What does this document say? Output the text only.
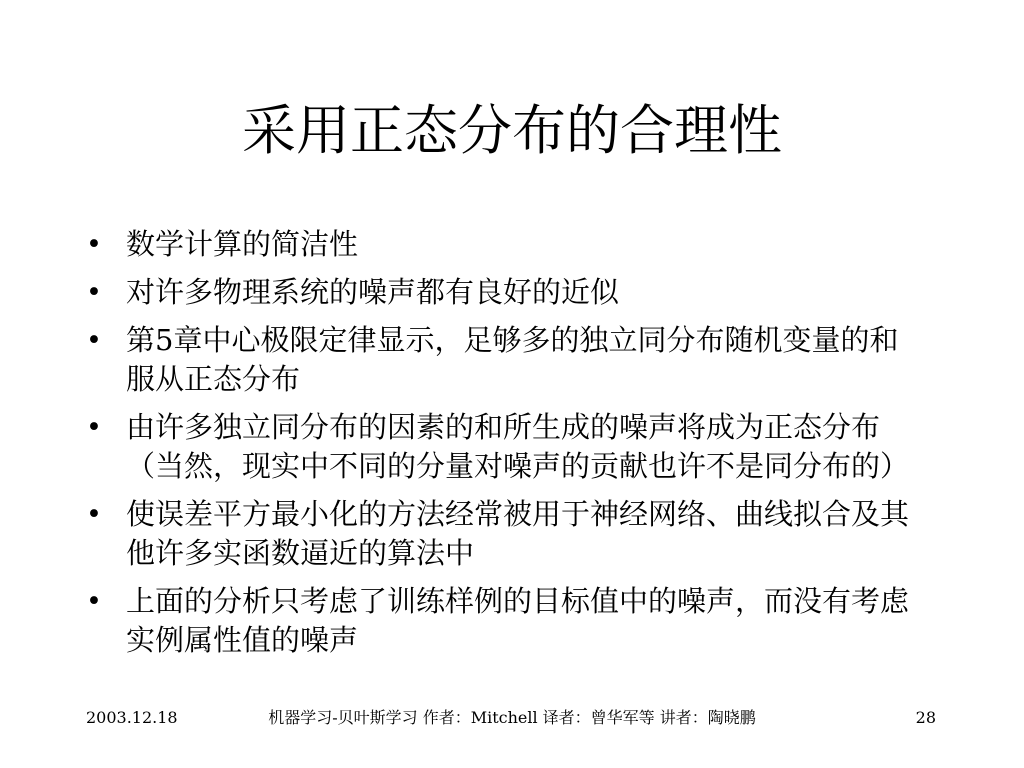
采用正态分布的合理性
• 数学计算的简洁性
• 对许多物理系统的噪声都有良好的近似
• 第5章中心极限定律显示，足够多的独立同分布随机变量的和服从正态分布
• 由许多独立同分布的因素的和所生成的噪声将成为正态分布（当然，现实中不同的分量对噪声的贡献也许不是同分布的）
• 使误差平方最小化的方法经常被用于神经网络、曲线拟合及其他许多实函数逼近的算法中
• 上面的分析只考虑了训练样例的目标值中的噪声，而没有考虑实例属性值的噪声
2003.12.18	机器学习-贝叶斯学习 作者：Mitchell 译者：曾华军等 讲者：陶晓鹏	28
